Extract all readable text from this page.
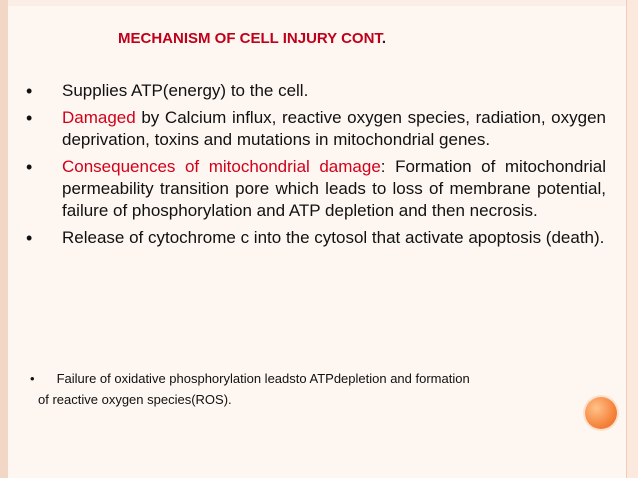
MECHANISM OF CELL INJURY CONT.
• Supplies ATP(energy) to the cell.
• Damaged by Calcium influx, reactive oxygen species, radiation, oxygen deprivation, toxins and mutations in mitochondrial genes.
• Consequences of mitochondrial damage: Formation of mitochondrial permeability transition pore which leads to loss of membrane potential, failure of phosphorylation and ATP depletion and then necrosis.
• Release of cytochrome c into the cytosol that activate apoptosis (death).
• Failure of oxidative phosphorylation leadsto ATPdepletion and formation
of reactive oxygen species(ROS).
